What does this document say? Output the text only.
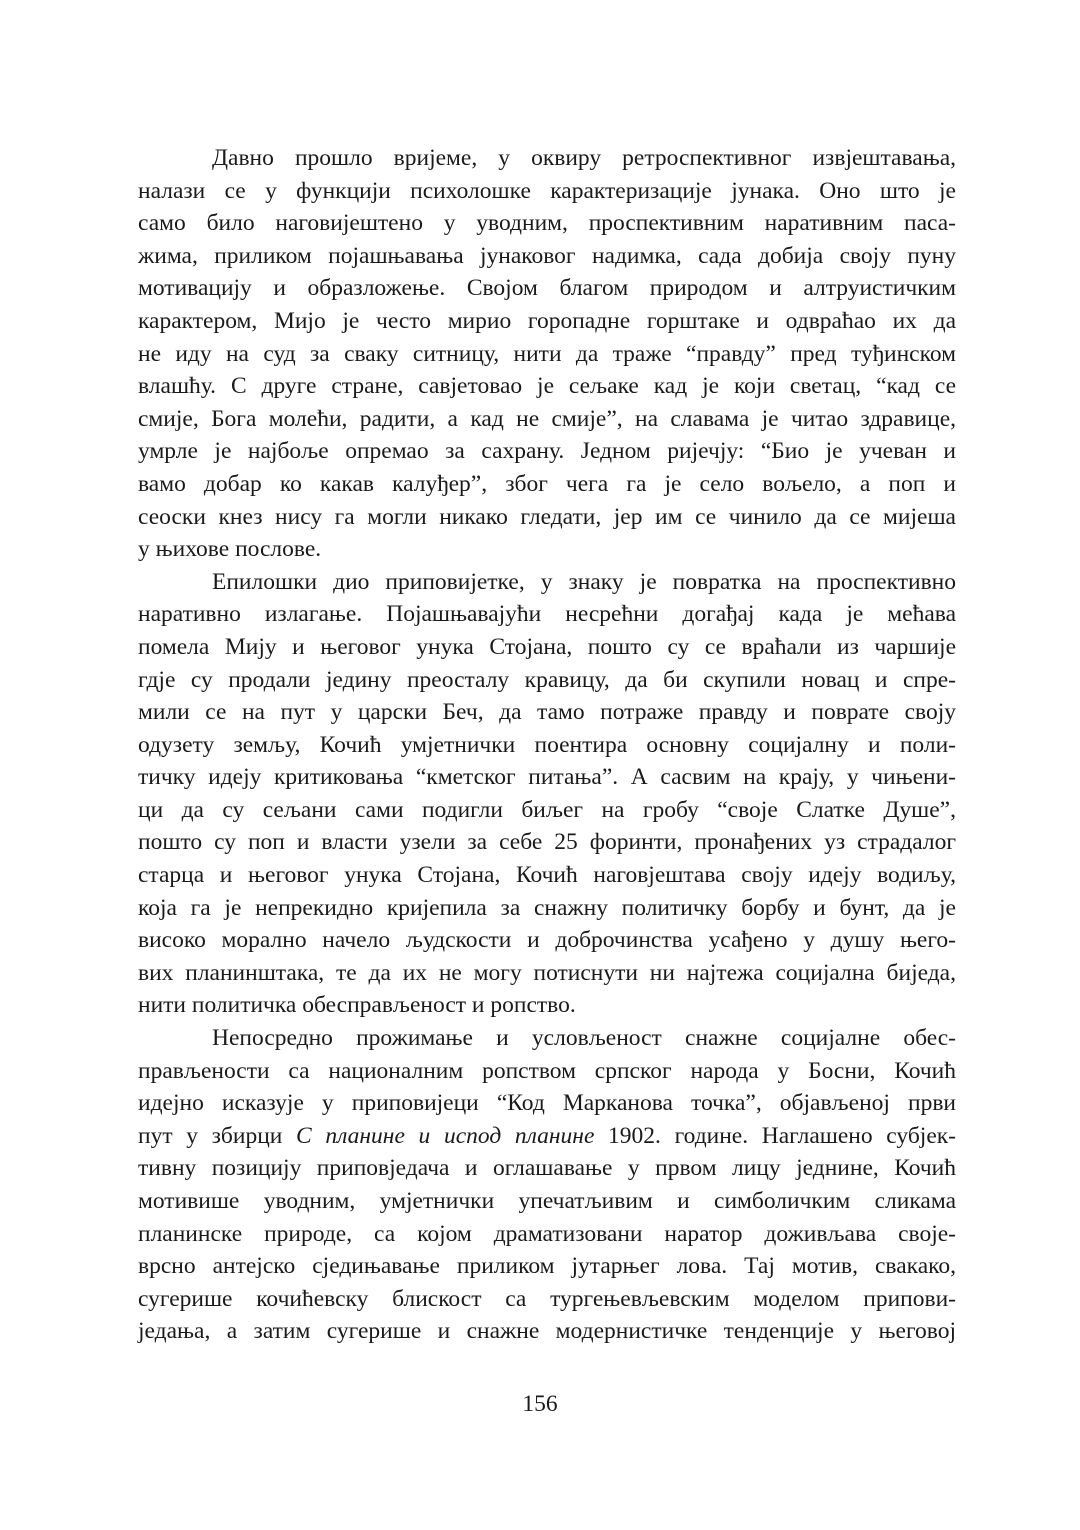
Давно прошло вријеме, у оквиру ретроспективног извјештавања,
налази се у функцији психолошке карактеризације јунака. Оно што је
само било наговијештено у уводним, проспективним наративним паса-
жима, приликом појашњавања јунаковог надимка, сада добија своју пуну
мотивацију и образложење. Својом благом природом и алтруистичким
карактером, Мијо је често мирио горопадне горштаке и одвраћао их да
не иду на суд за сваку ситницу, нити да траже “правду” пред туђинском
влашћу. С друге стране, савјетовао је сељаке кад је који светац, “кад се
смије, Бога молећи, радити, а кад не смије”, на славама је читао здравице,
умрле је најбоље опремао за сахрану. Једном ријечју: “Био је учеван и
вамо добар ко какав калуђер”, због чега га је село вољело, а поп и
сеоски кнез нису га могли никако гледати, јер им се чинило да се мијеша
у њихове послове.
Епилошки дио приповијетке, у знаку је повратка на проспективно
наративно излагање. Појашњавајући несрећни догађај када је мећава
помела Мију и његовог унука Стојана, пошто су се враћали из чаршије
гдје су продали једину преосталу кравицу, да би скупили новац и спре-
мили се на пут у царски Беч, да тамо потраже правду и поврате своју
одузету земљу, Кочић умјетнички поентира основну социјалну и поли-
тичку идеју критиковања “кметског питања”. А сасвим на крају, у чињени-
ци да су сељани сами подигли биљег на гробу “своје Слатке Душе”,
пошто су поп и власти узели за себе 25 форинти, пронађених уз страдалог
старца и његовог унука Стојана, Кочић наговјештава своју идеју водиљу,
која га је непрекидно кријепила за снажну политичку борбу и бунт, да је
високо морално начело људскости и доброчинства усађено у душу њего-
вих планинштака, те да их не могу потиснути ни најтежа социјална биједа,
нити политичка обесправљеност и ропство.
Непосредно прожимање и условљеност снажне социјалне обес-
прављености са националним ропством српског народа у Босни, Кочић
идејно исказује у приповијеци “Код Марканова точка”, објављеној први
пут у збирци С планине и испод планине 1902. године. Наглашено субјек-
тивну позицију приповједача и оглашавање у првом лицу једнине, Кочић
мотивише уводним, умјетнички упечатљивим и симболичким сликама
планинске природе, са којом драматизовани наратор доживљава своје-
врсно антејско сједињавање приликом јутарњег лова. Тај мотив, свакако,
сугерише кочићевску блискост са тургењевљевским моделом припови-
једања, а затим сугерише и снажне модернистичке тенденције у његовој
156
